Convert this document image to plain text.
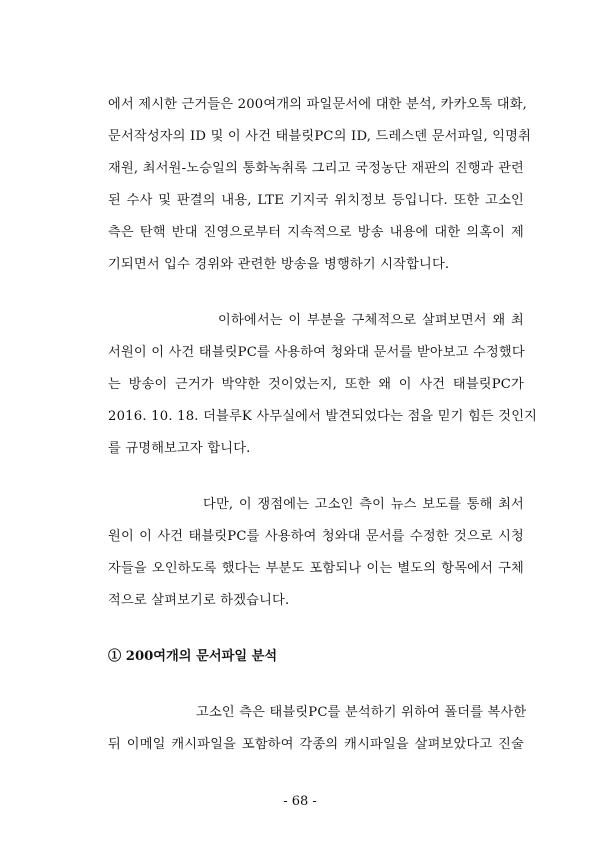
에서 제시한 근거들은 200여개의 파일문서에 대한 분석, 카카오톡 대화,
문서작성자의 ID 및 이 사건 태블릿PC의 ID, 드레스덴 문서파일, 익명취
재원, 최서원-노승일의 통화녹취록 그리고 국정농단 재판의 진행과 관련
된 수사 및 판결의 내용, LTE 기지국 위치정보 등입니다. 또한 고소인
측은 탄핵 반대 진영으로부터 지속적으로 방송 내용에 대한 의혹이 제
기되면서 입수 경위와 관련한 방송을 병행하기 시작합니다.
이하에서는 이 부분을 구체적으로 살펴보면서 왜 최
서원이 이 사건 태블릿PC를 사용하여 청와대 문서를 받아보고 수정했다
는 방송이 근거가 박약한 것이었는지, 또한 왜 이 사건 태블릿PC가
2016. 10. 18. 더블루K 사무실에서 발견되었다는 점을 믿기 힘든 것인지
를 규명해보고자 합니다.
다만, 이 쟁점에는 고소인 측이 뉴스 보도를 통해 최서
원이 이 사건 태블릿PC를 사용하여 청와대 문서를 수정한 것으로 시청
자들을 오인하도록 했다는 부분도 포함되나 이는 별도의 항목에서 구체
적으로 살펴보기로 하겠습니다.
① 200여개의 문서파일 분석
고소인 측은 태블릿PC를 분석하기 위하여 폴더를 복사한
뒤 이메일 캐시파일을 포함하여 각종의 캐시파일을 살펴보았다고 진술
- 68 -
